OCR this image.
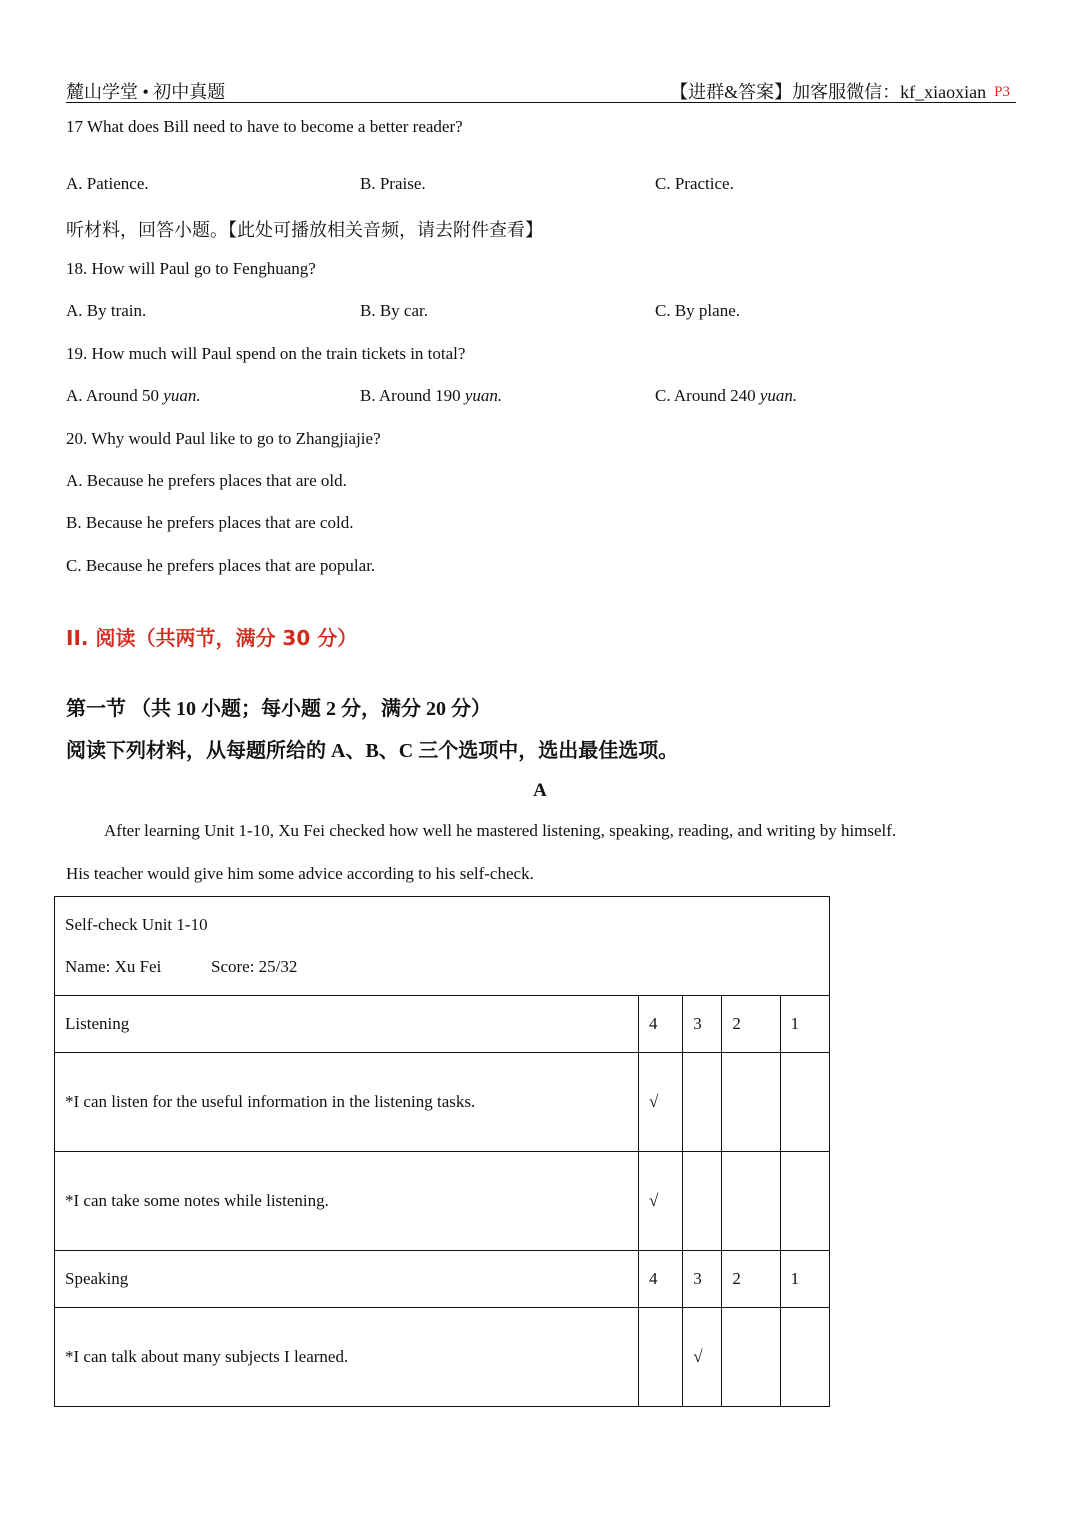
麓山学堂 • 初中真题	【进群&答案】加客服微信：kf_xiaoxian P3
17 What does Bill need to have to become a better reader?
A. Patience.	B. Praise.	C. Practice.
听材料，回答小题。【此处可播放相关音频，请去附件查看】
18. How will Paul go to Fenghuang?
A. By train.	B. By car.	C. By plane.
19. How much will Paul spend on the train tickets in total?
A. Around 50 yuan.	B. Around 190 yuan.	C. Around 240 yuan.
20. Why would Paul like to go to Zhangjiajie?
A. Because he prefers places that are old.
B. Because he prefers places that are cold.
C. Because he prefers places that are popular.
II. 阅读（共两节，满分 30 分）
第一节 （共 10 小题；每小题 2 分，满分 20 分）
阅读下列材料，从每题所给的 A、B、C 三个选项中，选出最佳选项。
A
After learning Unit 1-10, Xu Fei checked how well he mastered listening, speaking, reading, and writing by himself.
His teacher would give him some advice according to his self-check.
Self-check Unit 1-10
Name: Xu Fei Score: 25/32				

Listening	4	3	2	1
*I can listen for the useful information in the listening tasks.	√			
*I can take some notes while listening.	√			
Speaking	4	3	2	1
*I can talk about many subjects I learned.		√		
